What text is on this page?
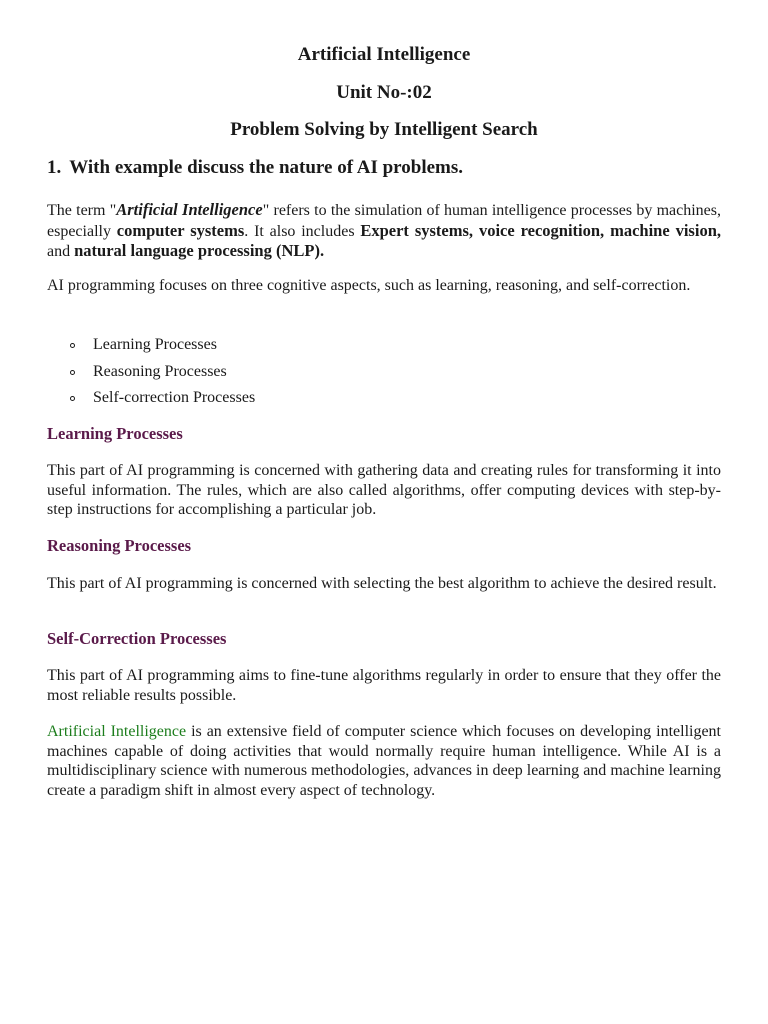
Artificial Intelligence
Unit No-:02
Problem Solving by Intelligent Search
1. With example discuss the nature of AI problems.

The term "Artificial Intelligence" refers to the simulation of human intelligence processes by machines, especially computer systems. It also includes Expert systems, voice recognition, machine vision, and natural language processing (NLP).

AI programming focuses on three cognitive aspects, such as learning, reasoning, and self-correction.

Learning Processes
Reasoning Processes
Self-correction Processes
Learning Processes

This part of AI programming is concerned with gathering data and creating rules for transforming it into useful information. The rules, which are also called algorithms, offer computing devices with step-by-step instructions for accomplishing a particular job.

Reasoning Processes

This part of AI programming is concerned with selecting the best algorithm to achieve the desired result.

Self-Correction Processes

This part of AI programming aims to fine-tune algorithms regularly in order to ensure that they offer the most reliable results possible.

Artificial Intelligence is an extensive field of computer science which focuses on developing intelligent machines capable of doing activities that would normally require human intelligence. While AI is a multidisciplinary science with numerous methodologies, advances in deep learning and machine learning create a paradigm shift in almost every aspect of technology.
